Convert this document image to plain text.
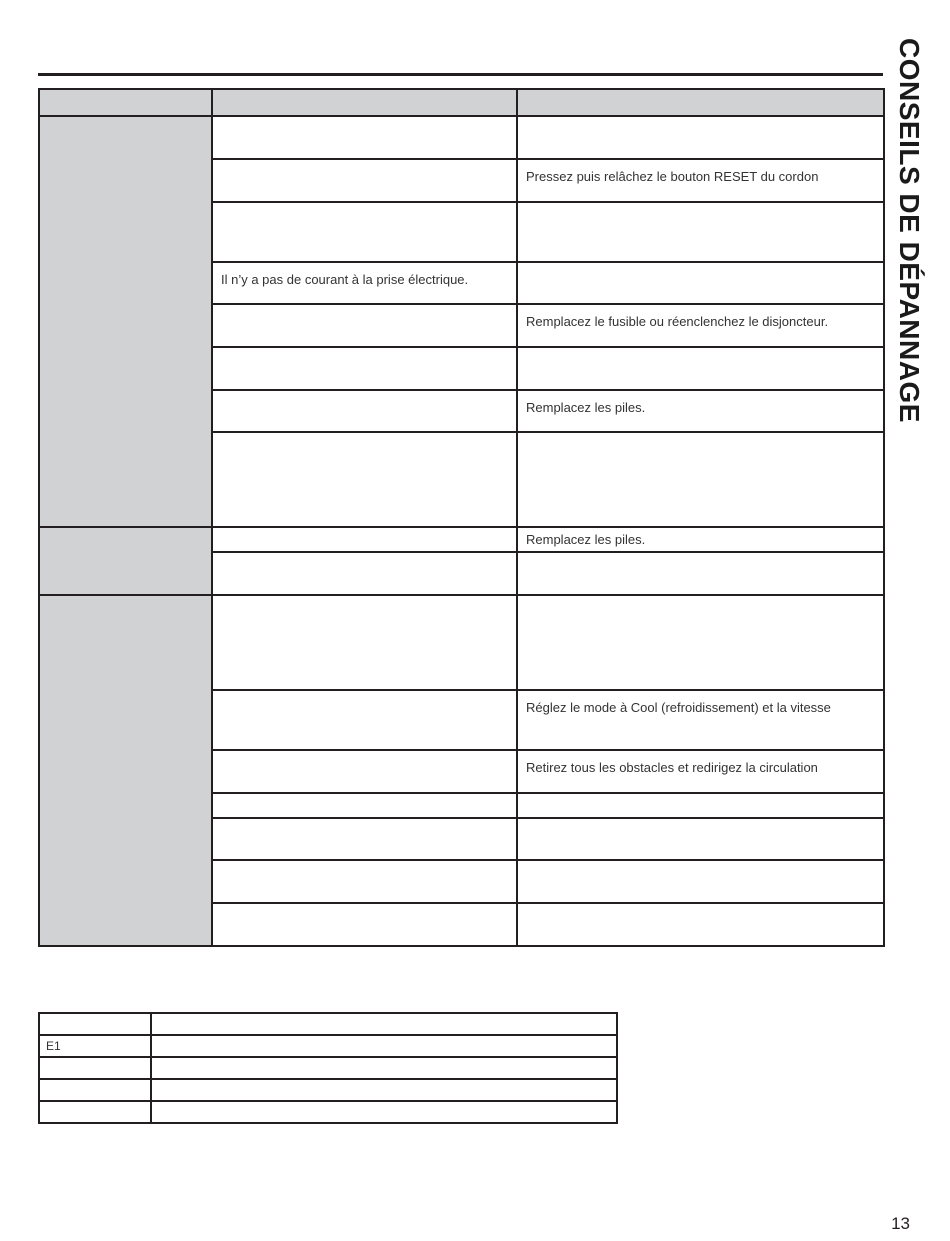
CONSEILS DE DÉPANNAGE

		Pressez puis relâchez le bouton RESET du cordon

	Il n’y a pas de courant à la prise électrique.	

		Remplacez le fusible ou réenclenchez le disjoncteur.

		Remplacez les piles.

		Remplacez les piles.

		Réglez le mode à Cool (refroidissement) et la vitesse

		Retirez tous les obstacles et redirigez la circulation

E1	

13
